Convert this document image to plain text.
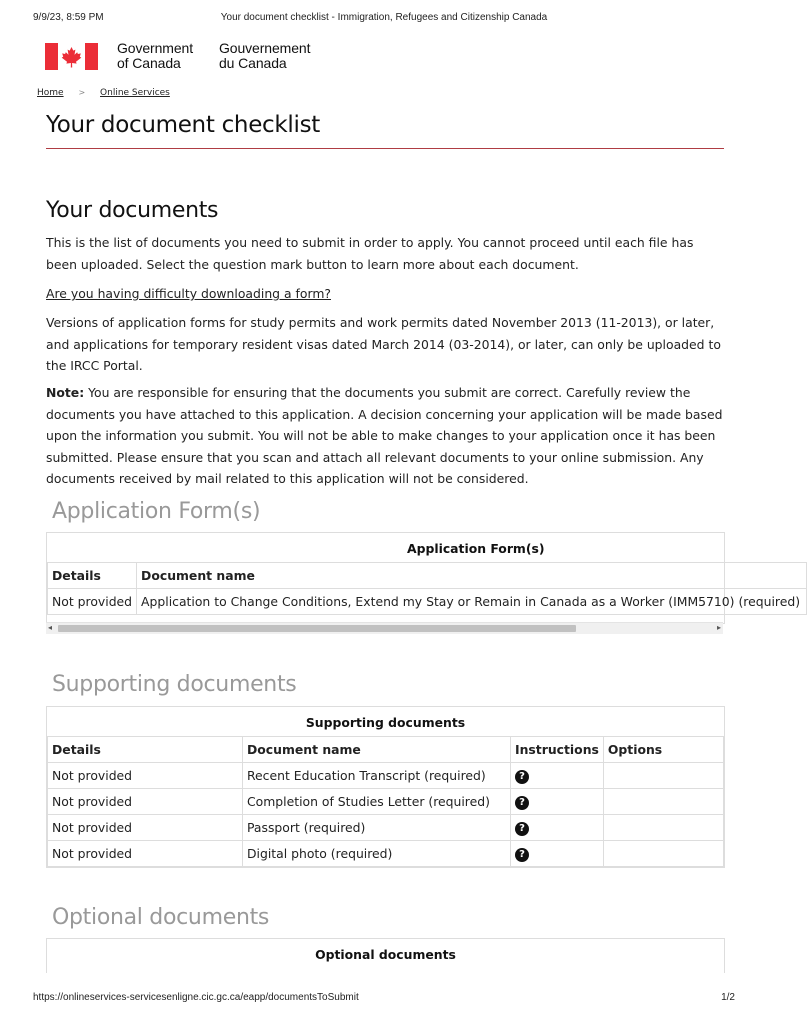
9/9/23, 8:59 PM	Your document checklist - Immigration, Refugees and Citizenship Canada
Government
of Canada
Gouvernement
du Canada
Home > Online Services
Your document checklist
Your documents

This is the list of documents you need to submit in order to apply. You cannot proceed until each file has been uploaded. Select the question mark button to learn more about each document.

Are you having difficulty downloading a form?

Versions of application forms for study permits and work permits dated November 2013 (11-2013), or later, and applications for temporary resident visas dated March 2014 (03-2014), or later, can only be uploaded to the IRCC Portal.

Note: You are responsible for ensuring that the documents you submit are correct. Carefully review the documents you have attached to this application. A decision concerning your application will be made based upon the information you submit. You will not be able to make changes to your application once it has been submitted. Please ensure that you scan and attach all relevant documents to your online submission. Any documents received by mail related to this application will not be considered.

Application Form(s)
Application Form(s)
Details	Document name
Not provided	Application to Change Conditions, Extend my Stay or Remain in Canada as a Worker (IMM5710) (required)
◂	▸
Supporting documents
Supporting documents
Details	Document name	Instructions	Options
Not provided	Recent Education Transcript (required)	?	
Not provided	Completion of Studies Letter (required)	?	
Not provided	Passport (required)	?	
Not provided	Digital photo (required)	?	
Optional documents
Optional documents
https://onlineservices-servicesenligne.cic.gc.ca/eapp/documentsToSubmit	1/2
